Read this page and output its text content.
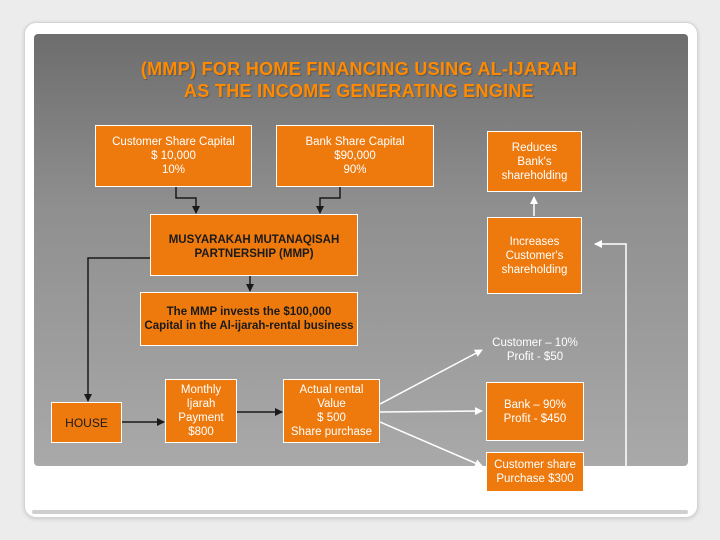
(MMP) FOR HOME FINANCING USING AL-IJARAH
AS THE INCOME GENERATING ENGINE
Customer Share Capital
$ 10,000
10%
Bank Share Capital
$90,000
90%
MUSYARAKAH MUTANAQISAH
PARTNERSHIP (MMP)
The MMP invests the $100,000
Capital in the Al-ijarah-rental business
HOUSE
Monthly
Ijarah
Payment
$800
Actual rental
Value
$ 500
Share purchase
Reduces
Bank's
shareholding
Increases
Customer's
shareholding
Customer – 10%
Profit - $50
Bank – 90%
Profit - $450
Customer share
Purchase $300
